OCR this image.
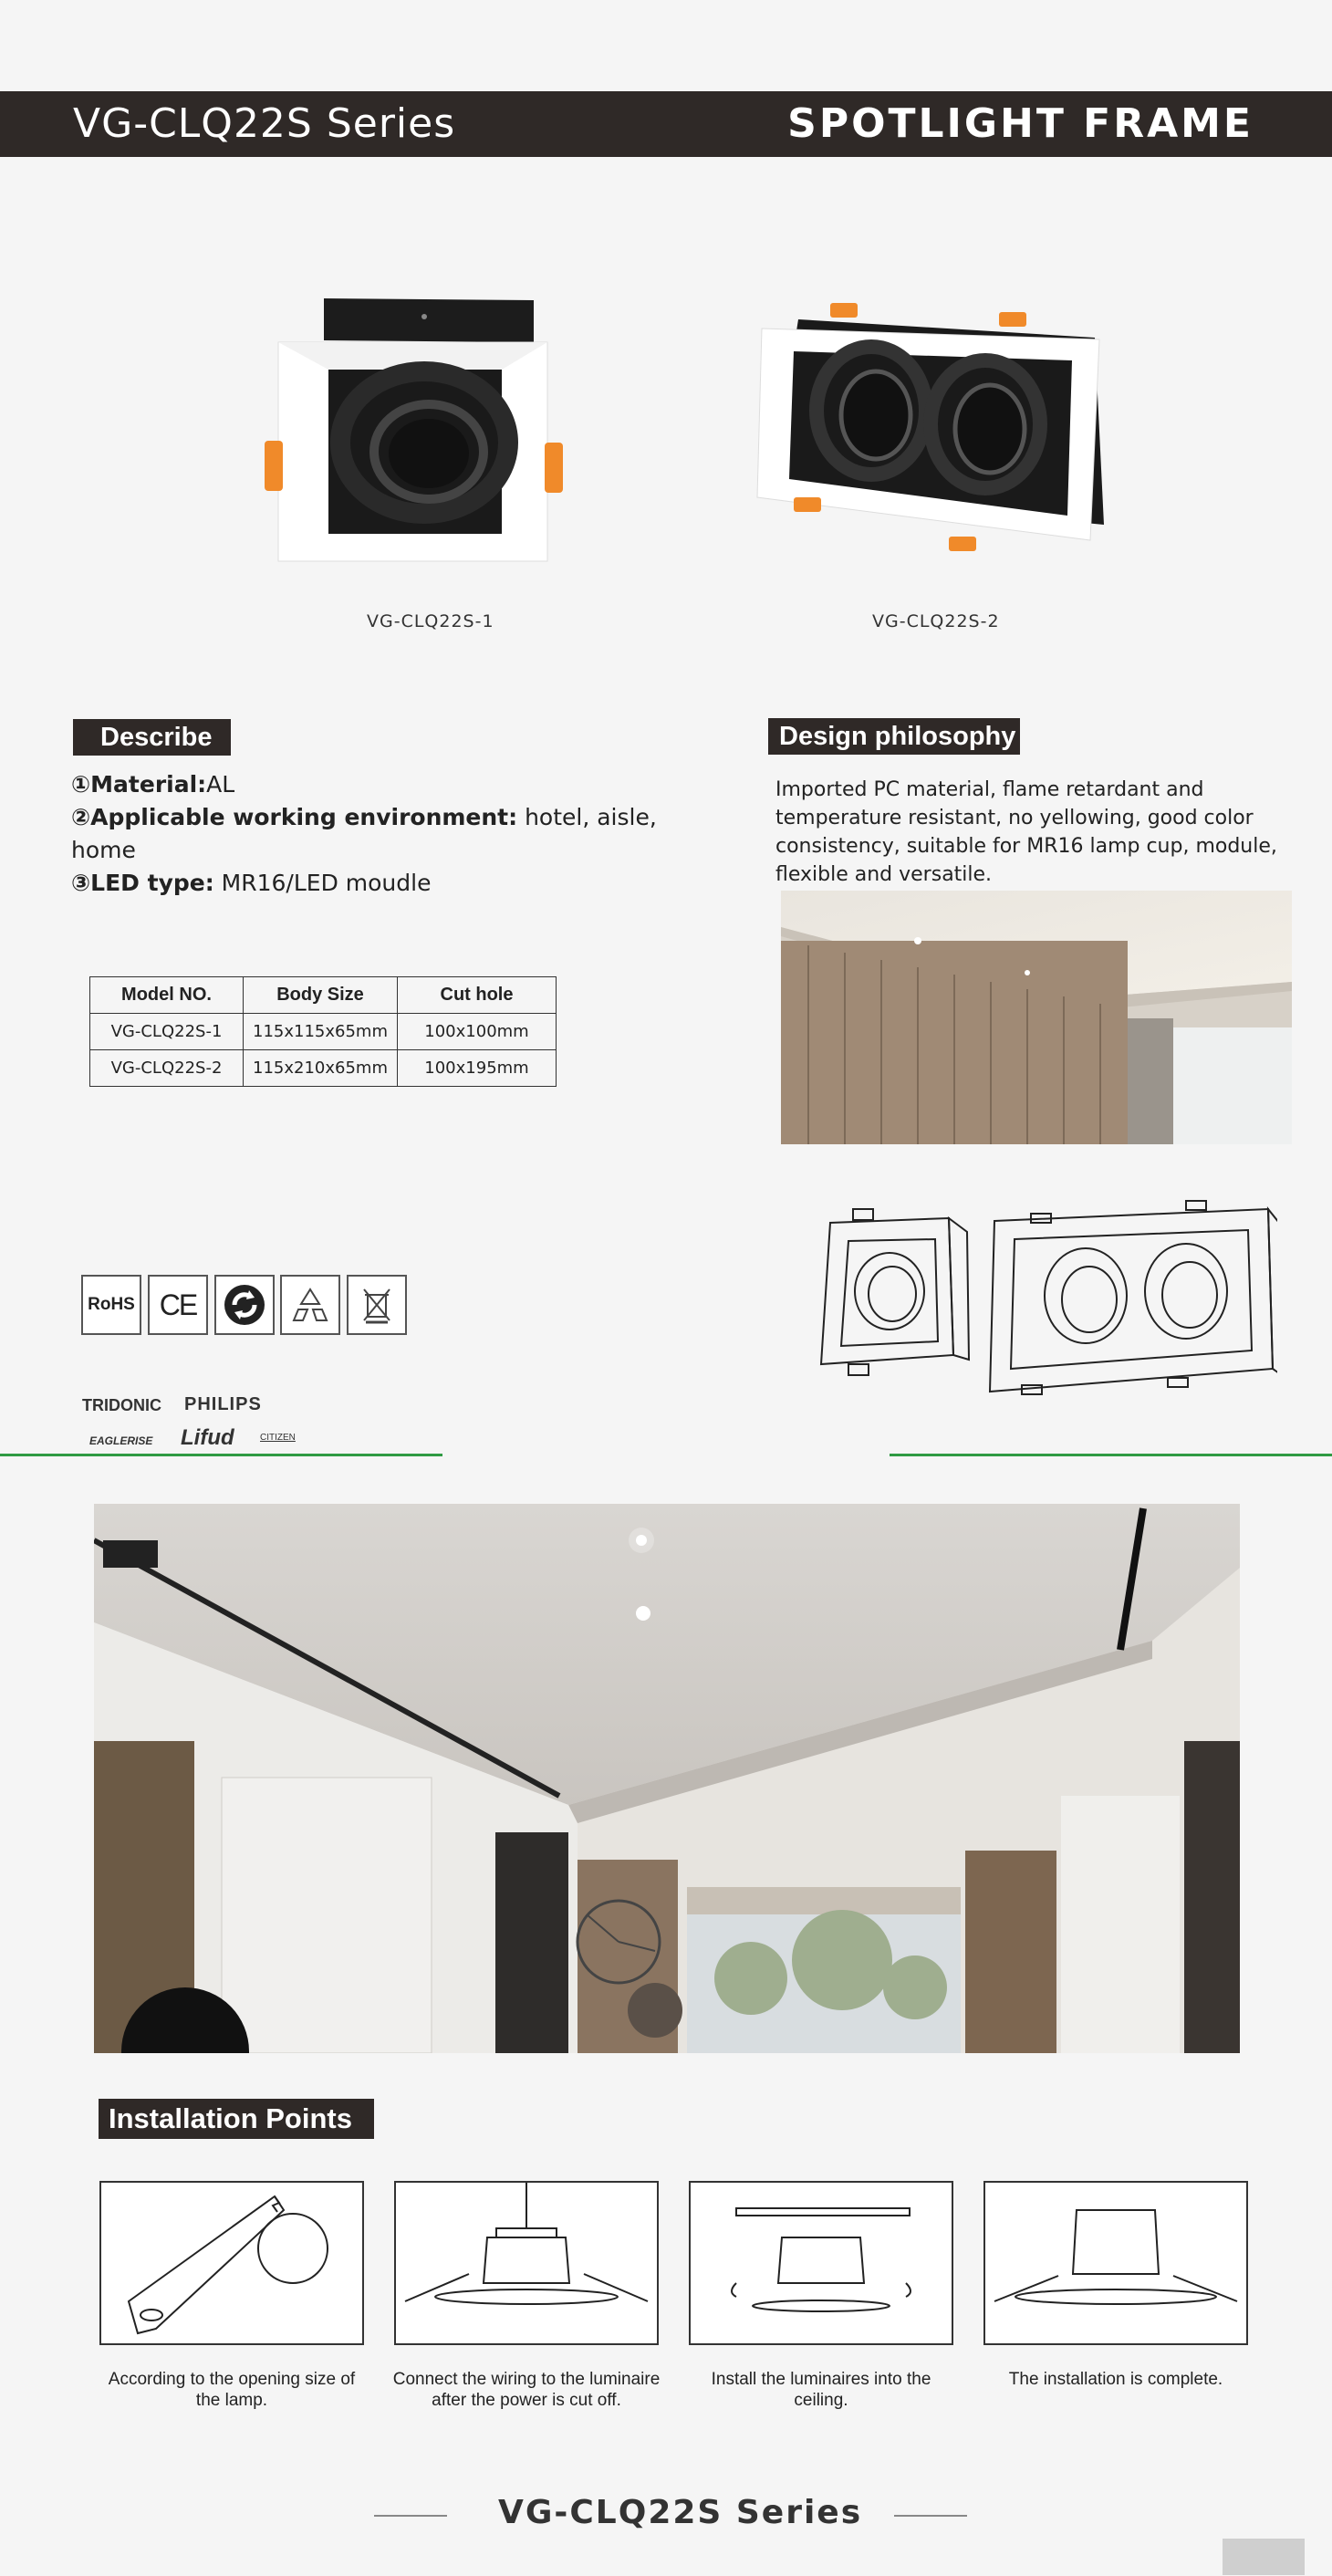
VG-CLQ22S Series	SPOTLIGHT FRAME
VG-CLQ22S-1	VG-CLQ22S-2
Describe
①Material:AL
②Applicable working environment: hotel, aisle, home
③LED type: MR16/LED moudle
Design philosophy
Imported PC material, flame retardant and temperature resistant, no yellowing, good color consistency, suitable for MR16 lamp cup, module, flexible and versatile.
Model NO.	Body Size	Cut hole
VG-CLQ22S-1	115x115x65mm	100x100mm
VG-CLQ22S-2	115x210x65mm	100x195mm
RoHS CE
TRIDONIC PHILIPS
EAGLERISE Lifud	CITIZEN
Installation Points
According to the opening size of the lamp.
Connect the wiring to the luminaire after the power is cut off.
Install the luminaires into the ceiling.
The installation is complete.
VG-CLQ22S Series
